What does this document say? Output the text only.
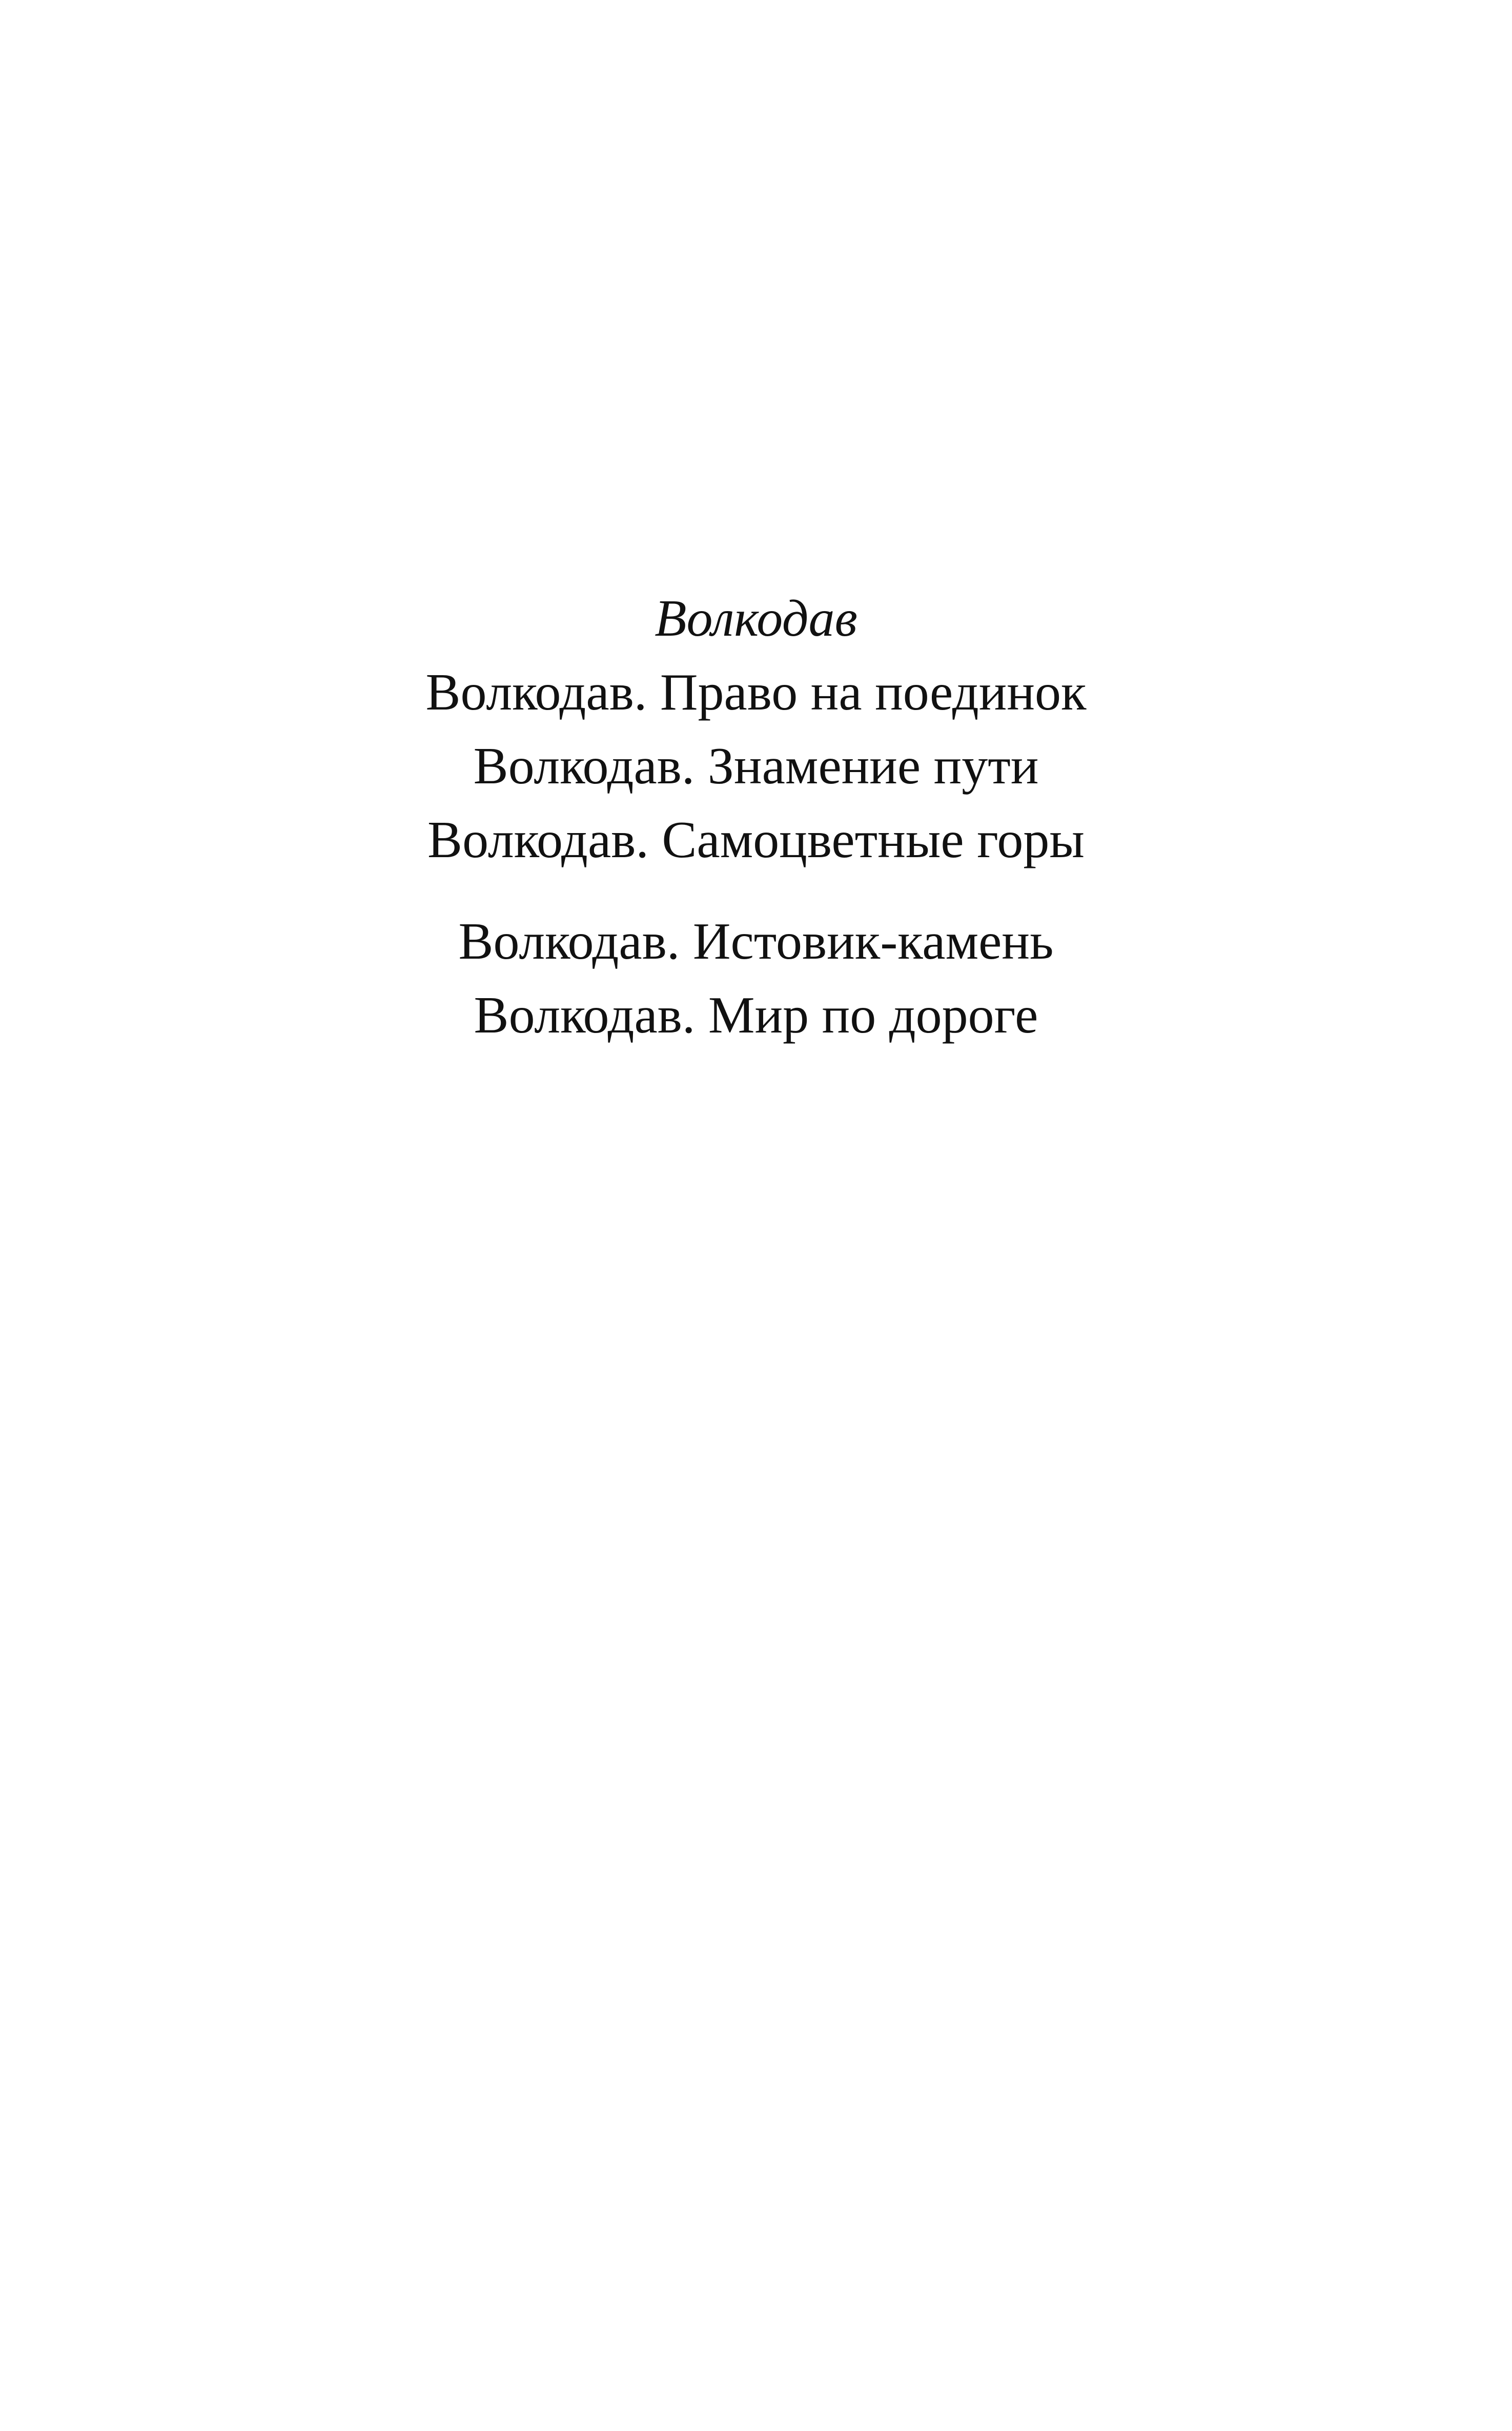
Волкодав
Волкодав. Право на поединок
Волкодав. Знамение пути
Волкодав. Самоцветные горы
Волкодав. Истовик-камень
Волкодав. Мир по дороге
